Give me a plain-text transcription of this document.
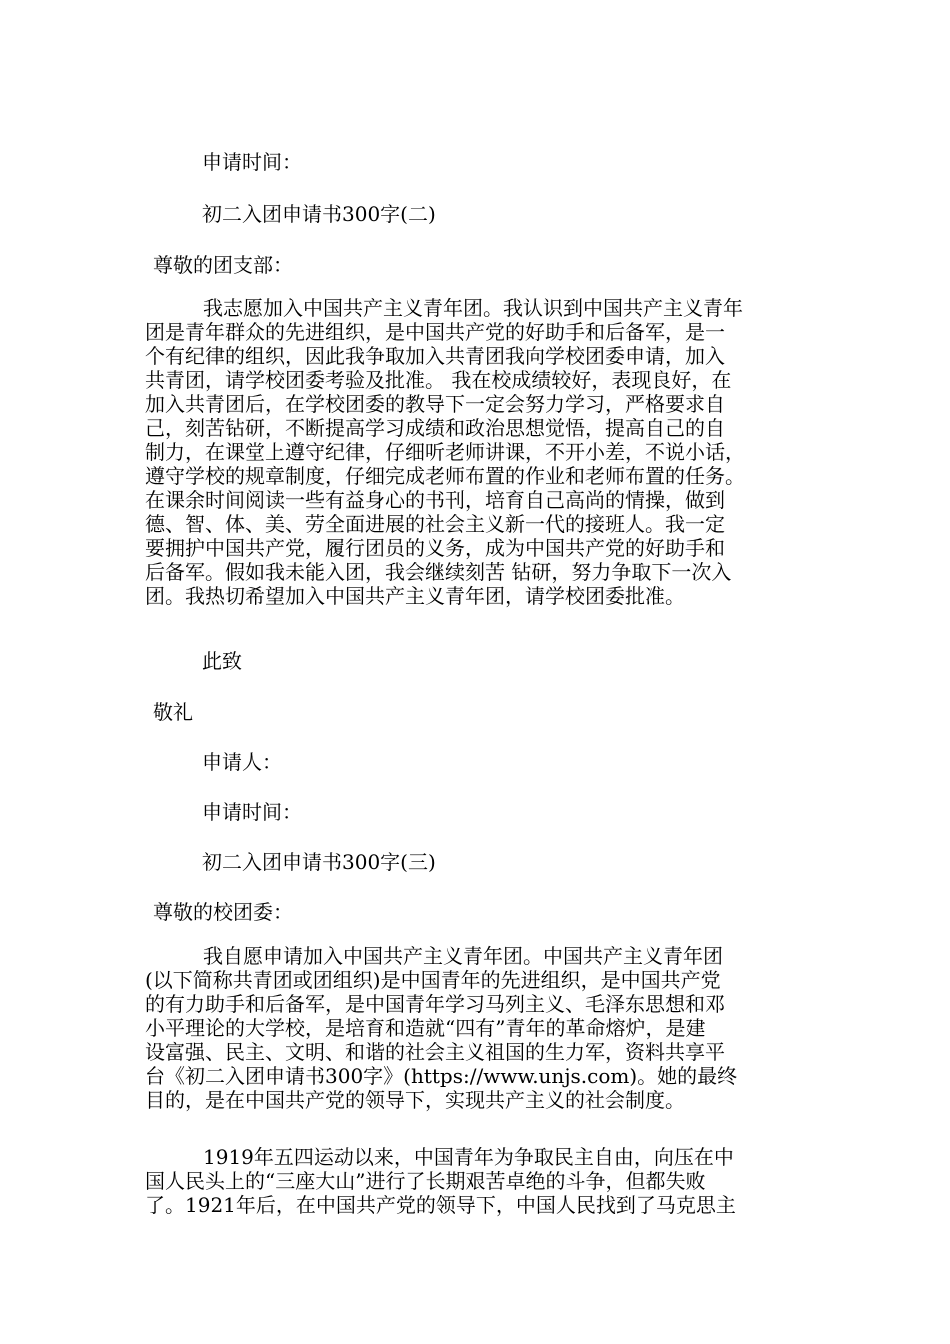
申请时间：
初二入团申请书300字(二)
尊敬的团支部：
我志愿加入中国共产主义青年团。我认识到中国共产主义青年
团是青年群众的先进组织，是中国共产党的好助手和后备军，是一
个有纪律的组织，因此我争取加入共青团我向学校团委申请，加入
共青团，请学校团委考验及批准。 我在校成绩较好，表现良好，在
加入共青团后，在学校团委的教导下一定会努力学习，严格要求自
己，刻苦钻研，不断提高学习成绩和政治思想觉悟，提高自己的自
制力，在课堂上遵守纪律，仔细听老师讲课，不开小差，不说小话，
遵守学校的规章制度，仔细完成老师布置的作业和老师布置的任务。
在课余时间阅读一些有益身心的书刊，培育自己高尚的情操，做到
德、智、体、美、劳全面进展的社会主义新一代的接班人。我一定
要拥护中国共产党，履行团员的义务，成为中国共产党的好助手和
后备军。假如我未能入团，我会继续刻苦 钻研，努力争取下一次入
团。我热切希望加入中国共产主义青年团，请学校团委批准。
此致
敬礼
申请人：
申请时间：
初二入团申请书300字(三)
尊敬的校团委：
我自愿申请加入中国共产主义青年团。中国共产主义青年团
(以下简称共青团或团组织)是中国青年的先进组织，是中国共产党
的有力助手和后备军，是中国青年学习马列主义、毛泽东思想和邓
小平理论的大学校，是培育和造就“四有”青年的革命熔炉，是建
设富强、民主、文明、和谐的社会主义祖国的生力军，资料共享平
台《初二入团申请书300字》(https://www.unjs.com)。她的最终
目的，是在中国共产党的领导下，实现共产主义的社会制度。
1919年五四运动以来，中国青年为争取民主自由，向压在中
国人民头上的“三座大山”进行了长期艰苦卓绝的斗争，但都失败
了。1921年后，在中国共产党的领导下，中国人民找到了马克思主
